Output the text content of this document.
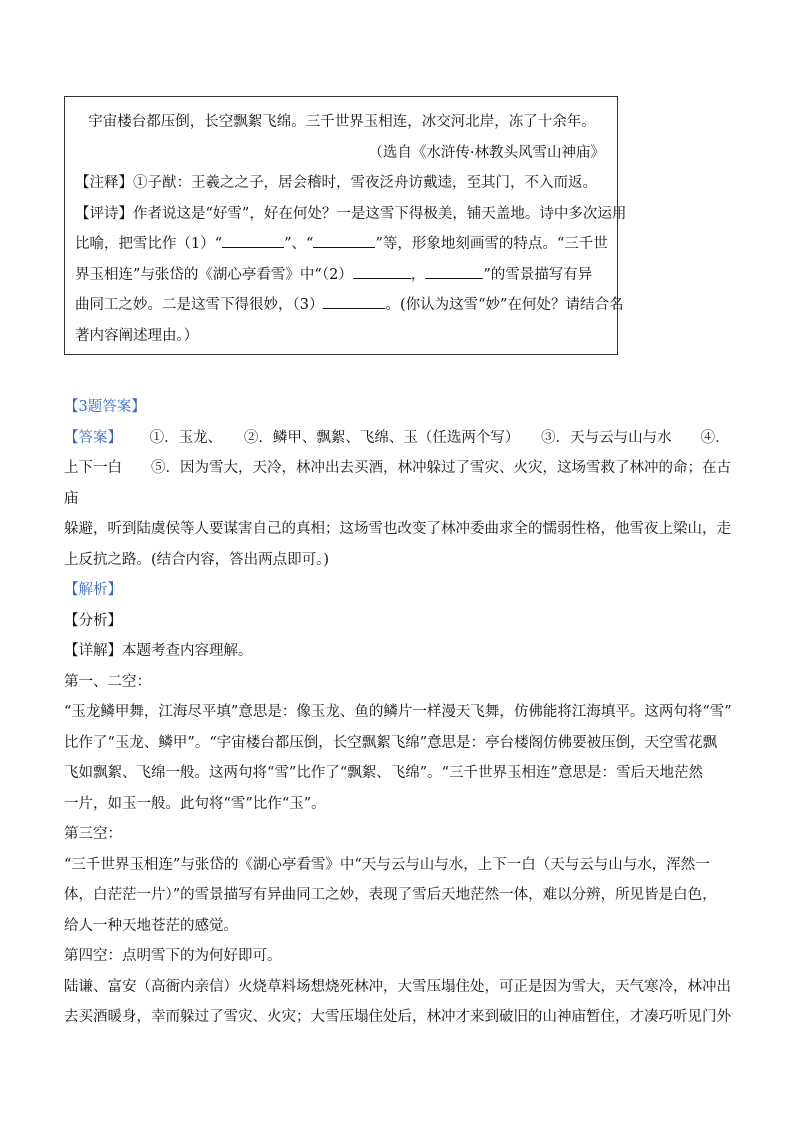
宇宙楼台都压倒，长空飘絮飞绵。三千世界玉相连，冰交河北岸，冻了十余年。
（选自《水浒传·林教头风雪山神庙》
【注释】①子猷：王羲之之子，居会稽时，雪夜泛舟访戴逵，至其门，不入而返。
【评诗】作者说这是“好雪”，好在何处？一是这雪下得极美，铺天盖地。诗中多次运用
比喻，把雪比作（1）“	”、“	”等，形象地刻画雪的特点。“三千世
界玉相连”与张岱的《湖心亭看雪》中“（2）	，	”的雪景描写有异
曲同工之妙。二是这雪下得很妙，（3）	。(你认为这雪“妙”在何处？请结合名
著内容阐述理由。）
【3题答案】
【答案】 ①．玉龙、　　②．鳞甲、飘絮、飞绵、玉（任选两个写）　　③．天与云与山与水　　④．
上下一白　　⑤．因为雪大，天冷，林冲出去买酒，林冲躲过了雪灾、火灾，这场雪救了林冲的命；在古庙
躲避，听到陆虞侯等人要谋害自己的真相；这场雪也改变了林冲委曲求全的懦弱性格，他雪夜上梁山，走
上反抗之路。(结合内容，答出两点即可。)
【解析】
【分析】
【详解】本题考查内容理解。
第一、二空：
“玉龙鳞甲舞，江海尽平填”意思是：像玉龙、鱼的鳞片一样漫天飞舞，仿佛能将江海填平。这两句将“雪”
比作了“玉龙、鳞甲”。“宇宙楼台都压倒，长空飘絮飞绵”意思是：亭台楼阁仿佛要被压倒，天空雪花飘
飞如飘絮、飞绵一般。这两句将“雪”比作了“飘絮、飞绵”。“三千世界玉相连”意思是：雪后天地茫然
一片，如玉一般。此句将“雪”比作“玉”。
第三空：
“三千世界玉相连”与张岱的《湖心亭看雪》中“天与云与山与水，上下一白（天与云与山与水，浑然一
体，白茫茫一片）”的雪景描写有异曲同工之妙，表现了雪后天地茫然一体，难以分辨，所见皆是白色，
给人一种天地苍茫的感觉。
第四空：点明雪下的为何好即可。
陆谦、富安（高衙内亲信）火烧草料场想烧死林冲，大雪压塌住处，可正是因为雪大，天气寒冷，林冲出
去买酒暖身，幸而躲过了雪灾、火灾；大雪压塌住处后，林冲才来到破旧的山神庙暂住，才凑巧听见门外
